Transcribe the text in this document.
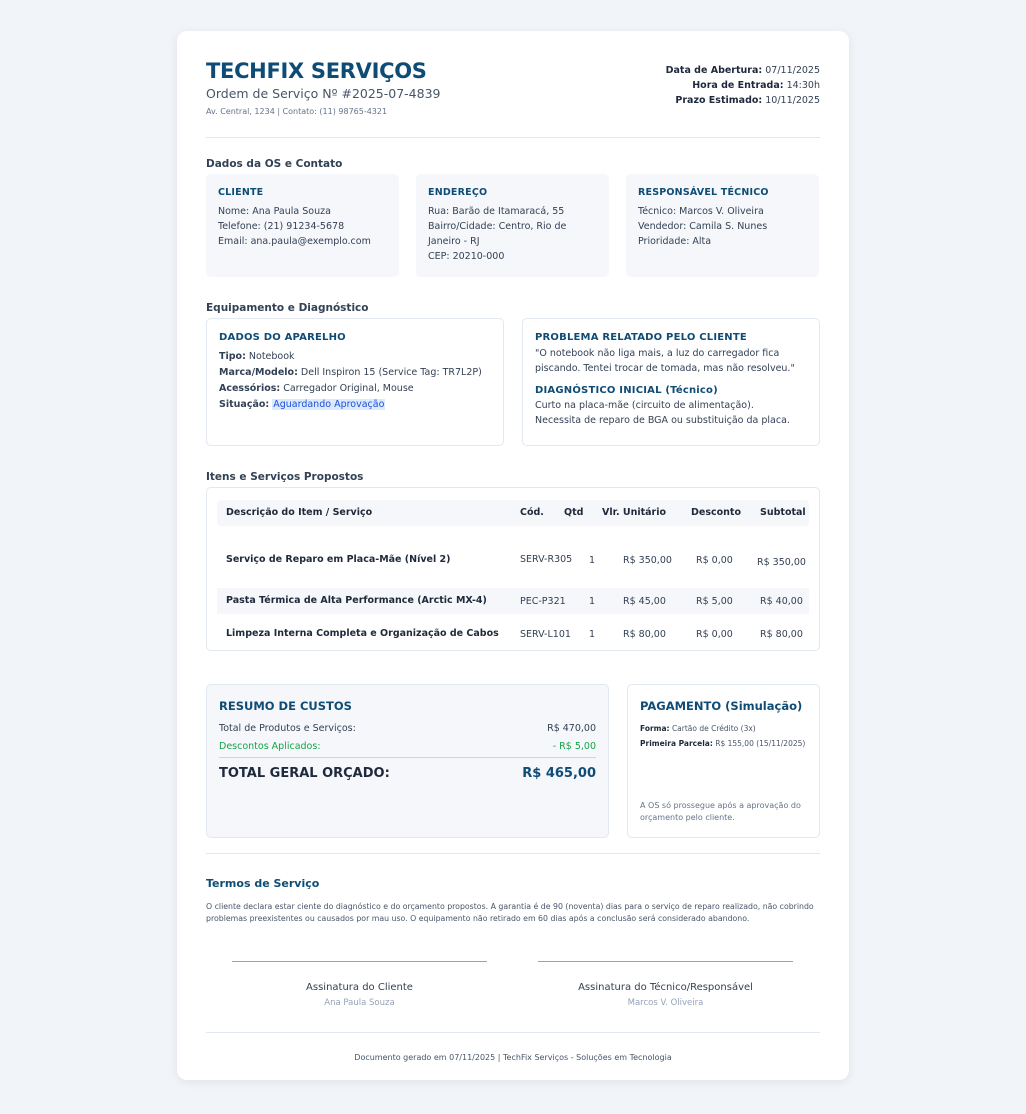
TECHFIX SERVIÇOS
Ordem de Serviço Nº #2025-07-4839
Av. Central, 1234 | Contato: (11) 98765-4321
Data de Abertura: 07/11/2025
Hora de Entrada: 14:30h
Prazo Estimado: 10/11/2025
Dados da OS e Contato
CLIENTE
Nome: Ana Paula Souza
Telefone: (21) 91234-5678
Email: ana.paula@exemplo.com
ENDEREÇO
Rua: Barão de Itamaracá, 55
Bairro/Cidade: Centro, Rio de
Janeiro - RJ
CEP: 20210-000
RESPONSÁVEL TÉCNICO
Técnico: Marcos V. Oliveira
Vendedor: Camila S. Nunes
Prioridade: Alta
Equipamento e Diagnóstico
DADOS DO APARELHO
Tipo: Notebook
Marca/Modelo: Dell Inspiron 15 (Service Tag: TR7L2P)
Acessórios: Carregador Original, Mouse
Situação: Aguardando Aprovação
PROBLEMA RELATADO PELO CLIENTE
"O notebook não liga mais, a luz do carregador fica
piscando. Tentei trocar de tomada, mas não resolveu."
DIAGNÓSTICO INICIAL (Técnico)
Curto na placa-mãe (circuito de alimentação).
Necessita de reparo de BGA ou substituição da placa.
Itens e Serviços Propostos
Descrição do Item / Serviço	Cód. Qtd Vlr. Unitário	Desconto Subtotal
Serviço de Reparo em Placa-Mãe (Nível 2)	SERV-R305 1	R$ 350,00	R$ 0,00	R$ 350,00
Pasta Térmica de Alta Performance (Arctic MX-4)	PEC-P321 1	R$ 45,00	R$ 5,00	R$ 40,00
Limpeza Interna Completa e Organização de Cabos SERV-L101 1	R$ 80,00	R$ 0,00	R$ 80,00
RESUMO DE CUSTOS
Total de Produtos e Serviços:	R$ 470,00
Descontos Aplicados:	- R$ 5,00
TOTAL GERAL ORÇADO:	R$ 465,00
PAGAMENTO (Simulação)
Forma: Cartão de Crédito (3x)
Primeira Parcela: R$ 155,00 (15/11/2025)
A OS só prossegue após a aprovação do orçamento pelo cliente.
Termos de Serviço
O cliente declara estar ciente do diagnóstico e do orçamento propostos. A garantia é de 90 (noventa) dias para o serviço de reparo realizado, não cobrindo problemas preexistentes ou causados por mau uso. O equipamento não retirado em 60 dias após a conclusão será considerado abandono.
Assinatura do Cliente
Ana Paula Souza
Assinatura do Técnico/Responsável
Marcos V. Oliveira
Documento gerado em 07/11/2025 | TechFix Serviços - Soluções em Tecnologia
